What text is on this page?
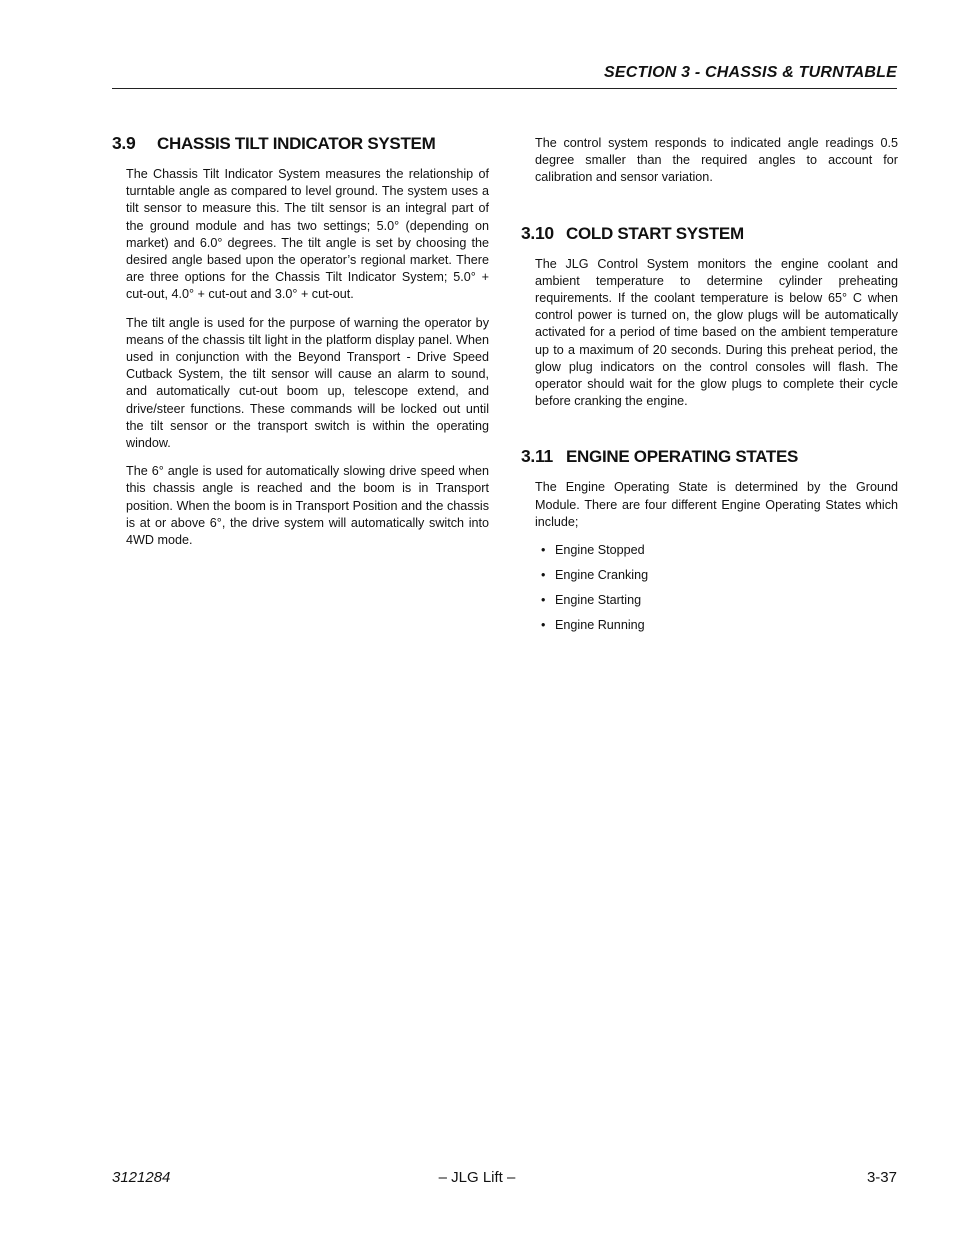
SECTION 3 - CHASSIS & TURNTABLE
3.9	CHASSIS TILT INDICATOR SYSTEM

The Chassis Tilt Indicator System measures the relationship of turntable angle as compared to level ground. The system uses a tilt sensor to measure this. The tilt sensor is an integral part of the ground module and has two settings; 5.0° (depending on market) and 6.0° degrees. The tilt angle is set by choosing the desired angle based upon the operator’s regional market. There are three options for the Chassis Tilt Indicator System; 5.0° + cut-out, 4.0° + cut-out and 3.0° + cut-out.

The tilt angle is used for the purpose of warning the operator by means of the chassis tilt light in the platform display panel. When used in conjunction with the Beyond Transport - Drive Speed Cutback System, the tilt sensor will cause an alarm to sound, and automatically cut-out boom up, telescope extend, and drive/steer functions. These commands will be locked out until the tilt sensor or the transport switch is within the operating window.

The 6° angle is used for automatically slowing drive speed when this chassis angle is reached and the boom is in Transport position. When the boom is in Transport Position and the chassis is at or above 6°, the drive system will automatically switch into 4WD mode.

The control system responds to indicated angle readings 0.5 degree smaller than the required angles to account for calibration and sensor variation.

3.10 COLD START SYSTEM

The JLG Control System monitors the engine coolant and ambient temperature to determine cylinder preheating requirements. If the coolant temperature is below 65° C when control power is turned on, the glow plugs will be automatically activated for a period of time based on the ambient temperature up to a maximum of 20 seconds. During this preheat period, the glow plug indicators on the control consoles will flash. The operator should wait for the glow plugs to complete their cycle before cranking the engine.

3.11 ENGINE OPERATING STATES

The Engine Operating State is determined by the Ground Module. There are four different Engine Operating States which include;

• Engine Stopped
• Engine Cranking
• Engine Starting
• Engine Running
3121284	– JLG Lift –	3-37
